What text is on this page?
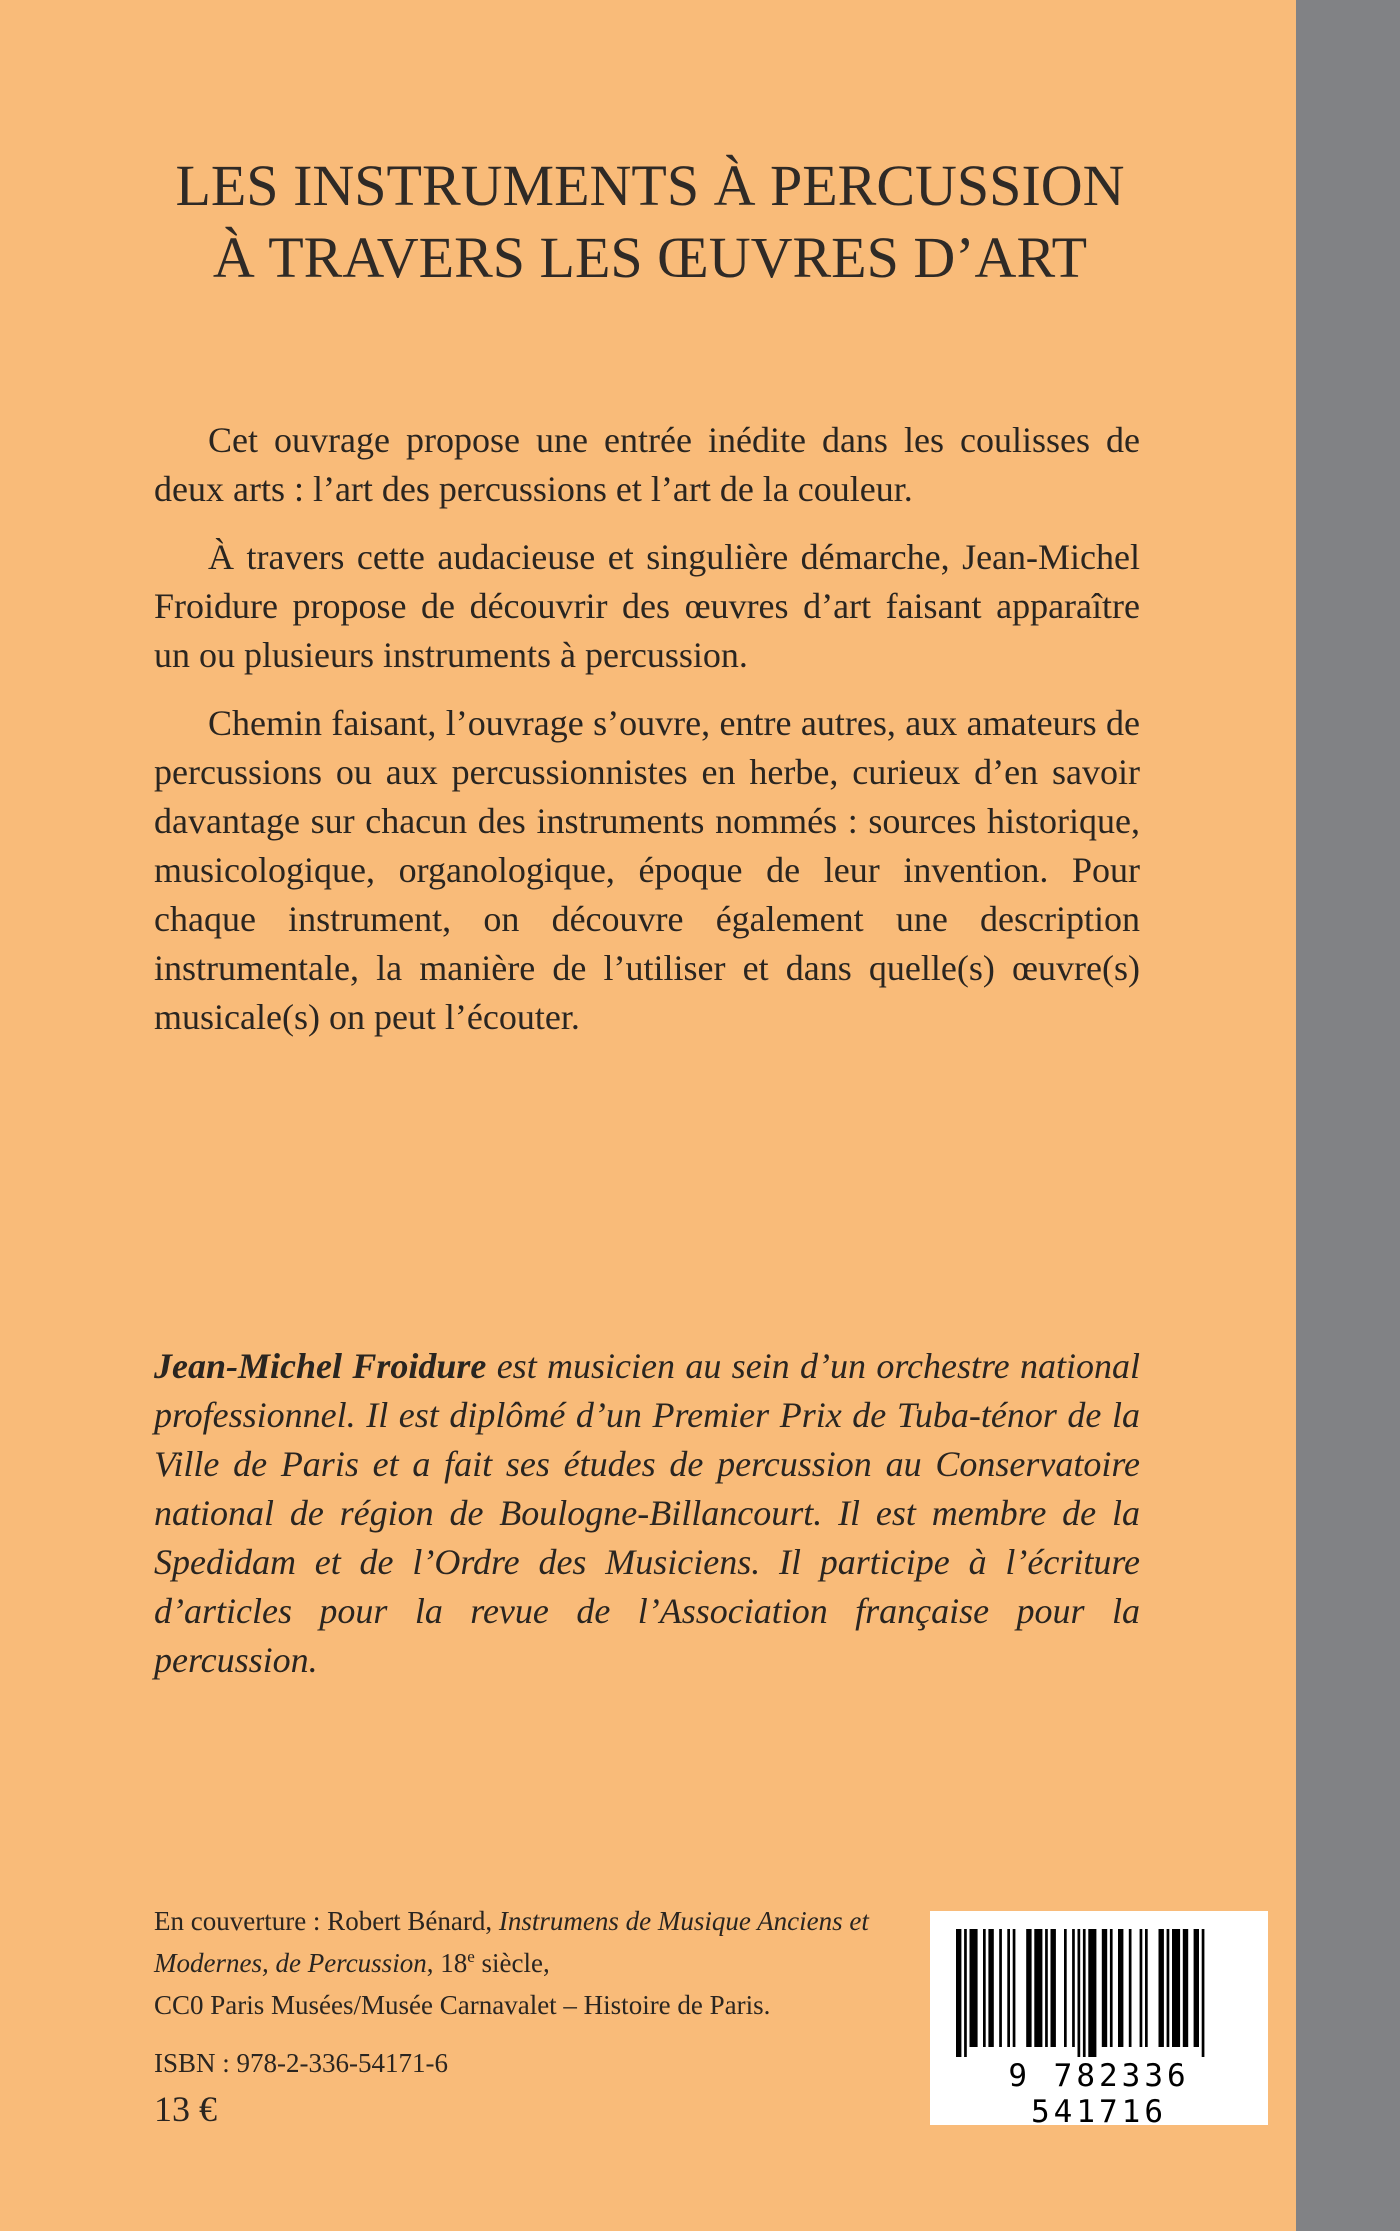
LES INSTRUMENTS À PERCUSSION
À TRAVERS LES ŒUVRES D’ART

Cet ouvrage propose une entrée inédite dans les coulisses de deux arts : l’art des percussions et l’art de la couleur.

À travers cette audacieuse et singulière démarche, Jean-Michel Froidure propose de découvrir des œuvres d’art faisant apparaître un ou plusieurs instruments à percussion.

Chemin faisant, l’ouvrage s’ouvre, entre autres, aux amateurs de percussions ou aux percussionnistes en herbe, curieux d’en savoir davantage sur chacun des instruments nommés : sources historique, musicologique, organologique, époque de leur invention. Pour chaque instrument, on découvre également une description instrumentale, la manière de l’utiliser et dans quelle(s) œuvre(s) musicale(s) on peut l’écouter.

Jean-Michel Froidure est musicien au sein d’un orchestre national professionnel. Il est diplômé d’un Premier Prix de Tuba-ténor de la Ville de Paris et a fait ses études de percussion au Conservatoire national de région de Boulogne-Billancourt. Il est membre de la Spedidam et de l’Ordre des Musiciens. Il participe à l’écriture d’articles pour la revue de l’Association française pour la percussion.

En couverture : Robert Bénard, Instrumens de Musique Anciens et Modernes, de Percussion, 18e siècle,
CC0 Paris Musées/Musée Carnavalet – Histoire de Paris.
ISBN : 978-2-336-54171-6
13 €
9 782336 541716
